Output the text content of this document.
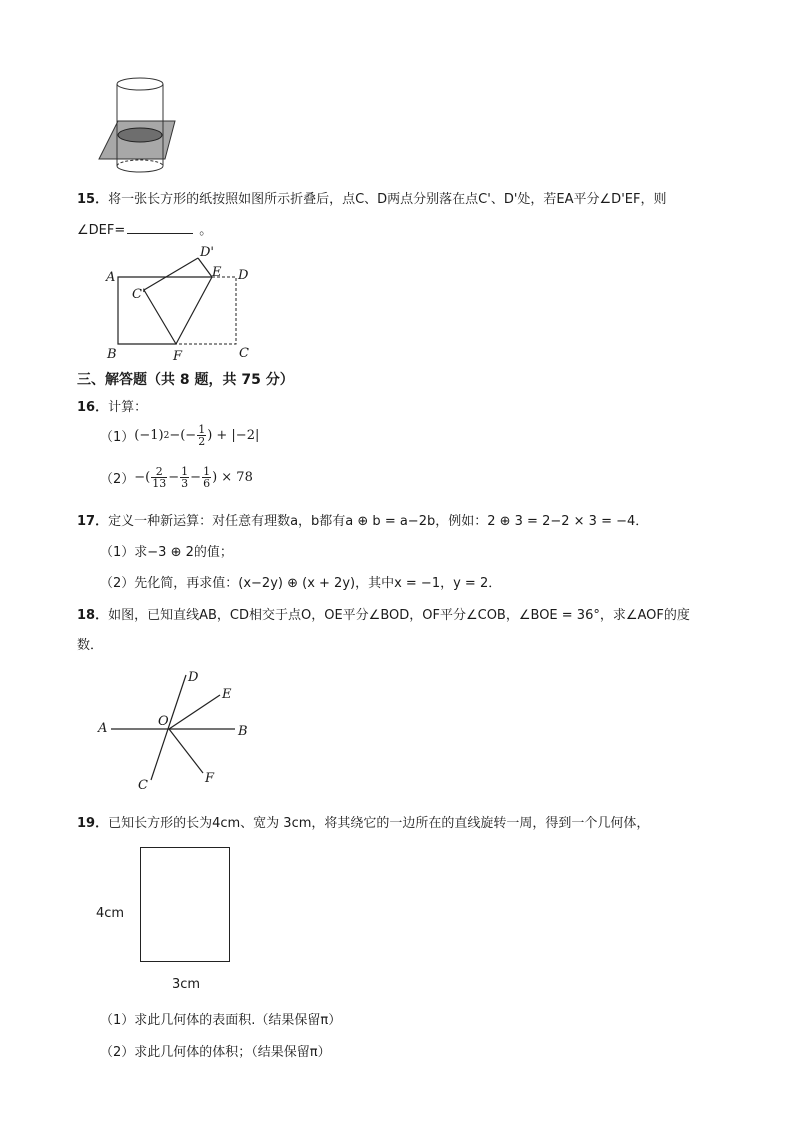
15．将一张长方形的纸按照如图所示折叠后，点C、D两点分别落在点C'、D'处，若EA平分∠D'EF，则
∠DEF=	。
A
B	C
D
E
F
C'
D'
三、解答题（共 8 题，共 75 分）
16．计算：
（1） (−1) 2 −(− $\frac{1}{2}$ ) + |−2|
（2） −( $\frac{2}{13} - \frac{1}{3} - \frac{1}{6}$ ) × 78
17．定义一种新运算：对任意有理数a，b都有a ⊕ b = a−2b，例如：2 ⊕ 3 = 2−2 × 3 = −4．
（1）求−3 ⊕ 2的值；
（2）先化简，再求值：(x−2y) ⊕ (x + 2y)，其中x = −1，y = 2．
18．如图，已知直线AB，CD相交于点O，OE平分∠BOD，OF平分∠COB，∠BOE = 36°，求∠AOF的度
数．
A	B
C
D
E
F
O
19．已知长方形的长为4cm、宽为 3cm，将其绕它的一边所在的直线旋转一周，得到一个几何体，
4cm
3cm
（1）求此几何体的表面积.（结果保留π）
（2）求此几何体的体积；（结果保留π）
